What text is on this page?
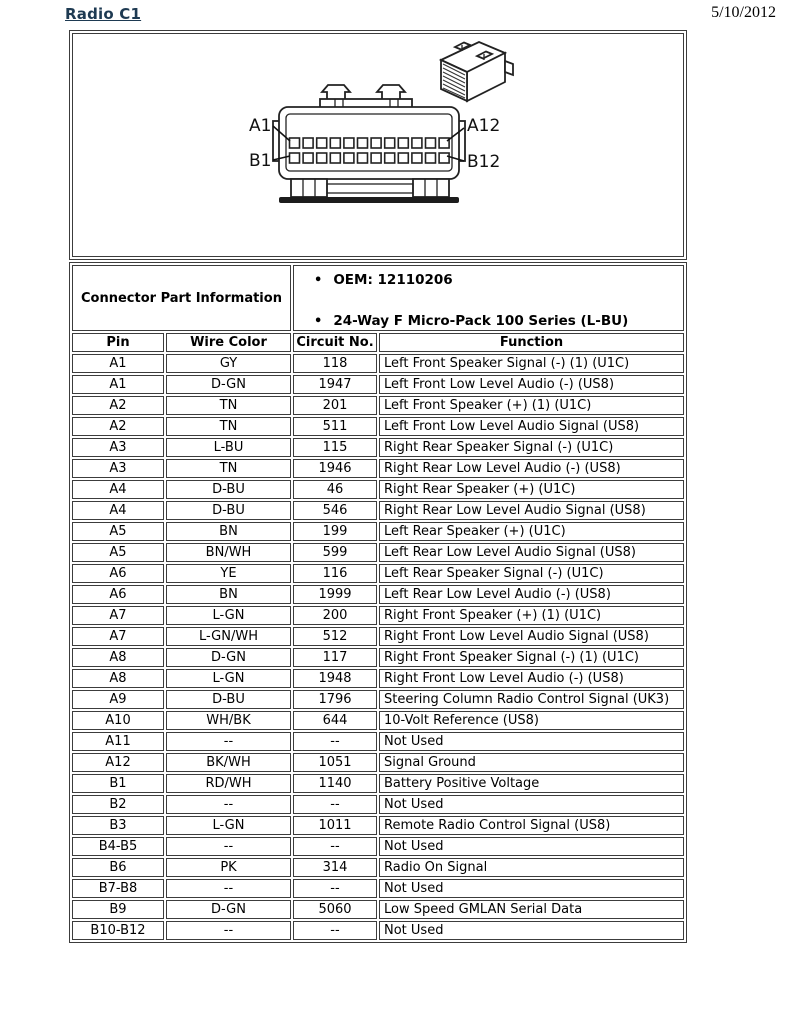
Radio C1	5/10/2012
A1	A12
B1	B12
Connector Part Information		• OEM: 12110206
• 24-Way F Micro-Pack 100 Series (L-BU)	

Pin	Wire Color	Circuit No.	Function
A1	GY	118	Left Front Speaker Signal (-) (1) (U1C)
A1	D-GN	1947	Left Front Low Level Audio (-) (US8)
A2	TN	201	Left Front Speaker (+) (1) (U1C)
A2	TN	511	Left Front Low Level Audio Signal (US8)
A3	L-BU	115	Right Rear Speaker Signal (-) (U1C)
A3	TN	1946	Right Rear Low Level Audio (-) (US8)
A4	D-BU	46	Right Rear Speaker (+) (U1C)
A4	D-BU	546	Right Rear Low Level Audio Signal (US8)
A5	BN	199	Left Rear Speaker (+) (U1C)
A5	BN/WH	599	Left Rear Low Level Audio Signal (US8)
A6	YE	116	Left Rear Speaker Signal (-) (U1C)
A6	BN	1999	Left Rear Low Level Audio (-) (US8)
A7	L-GN	200	Right Front Speaker (+) (1) (U1C)
A7	L-GN/WH	512	Right Front Low Level Audio Signal (US8)
A8	D-GN	117	Right Front Speaker Signal (-) (1) (U1C)
A8	L-GN	1948	Right Front Low Level Audio (-) (US8)
A9	D-BU	1796	Steering Column Radio Control Signal (UK3)
A10	WH/BK	644	10-Volt Reference (US8)
A11	--	--	Not Used
A12	BK/WH	1051	Signal Ground
B1	RD/WH	1140	Battery Positive Voltage
B2	--	--	Not Used
B3	L-GN	1011	Remote Radio Control Signal (US8)
B4-B5	--	--	Not Used
B6	PK	314	Radio On Signal
B7-B8	--	--	Not Used
B9	D-GN	5060	Low Speed GMLAN Serial Data
B10-B12	--	--	Not Used
